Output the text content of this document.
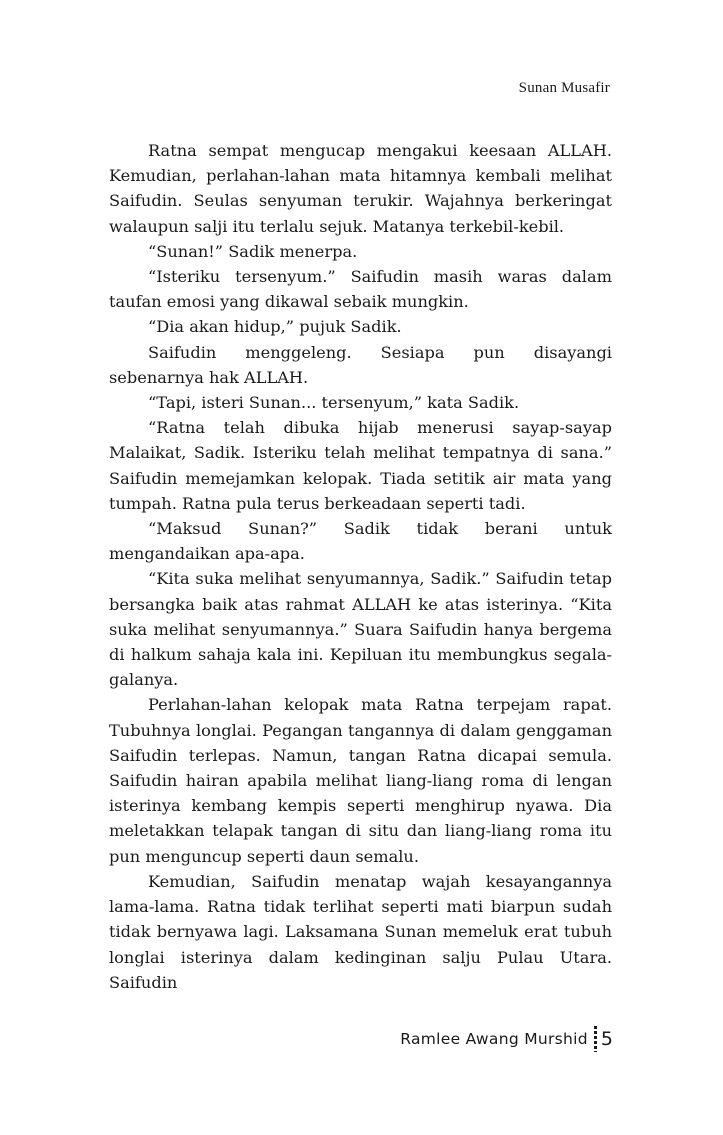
Sunan Musafir

Ratna sempat mengucap mengakui keesaan ALLAH. Kemudian, perlahan-lahan mata hitamnya kembali melihat Saifudin. Seulas senyuman terukir. Wajahnya berkeringat walaupun salji itu terlalu sejuk. Matanya terkebil-kebil.

“Sunan!” Sadik menerpa.

“Isteriku tersenyum.” Saifudin masih waras dalam taufan emosi yang dikawal sebaik mungkin.

“Dia akan hidup,” pujuk Sadik.

Saifudin menggeleng. Sesiapa pun disayangi sebenarnya hak ALLAH.

“Tapi, isteri Sunan... tersenyum,” kata Sadik.

“Ratna telah dibuka hijab menerusi sayap-sayap Malaikat, Sadik. Isteriku telah melihat tempatnya di sana.” Saifudin memejamkan kelopak. Tiada setitik air mata yang tumpah. Ratna pula terus berkeadaan seperti tadi.

“Maksud Sunan?” Sadik tidak berani untuk mengandaikan apa-apa.

“Kita suka melihat senyumannya, Sadik.” Saifudin tetap bersangka baik atas rahmat ALLAH ke atas isterinya. “Kita suka melihat senyumannya.” Suara Saifudin hanya bergema di halkum sahaja kala ini. Kepiluan itu membungkus segala-galanya.

Perlahan-lahan kelopak mata Ratna terpejam rapat. Tubuhnya longlai. Pegangan tangannya di dalam genggaman Saifudin terlepas. Namun, tangan Ratna dicapai semula. Saifudin hairan apabila melihat liang-liang roma di lengan isterinya kembang kempis seperti menghirup nyawa. Dia meletakkan telapak tangan di situ dan liang-liang roma itu pun menguncup seperti daun semalu.

Kemudian, Saifudin menatap wajah kesayangannya lama-lama. Ratna tidak terlihat seperti mati biarpun sudah tidak bernyawa lagi. Laksamana Sunan memeluk erat tubuh longlai isterinya dalam kedinginan salju Pulau Utara. Saifudin

Ramlee Awang Murshid 5
